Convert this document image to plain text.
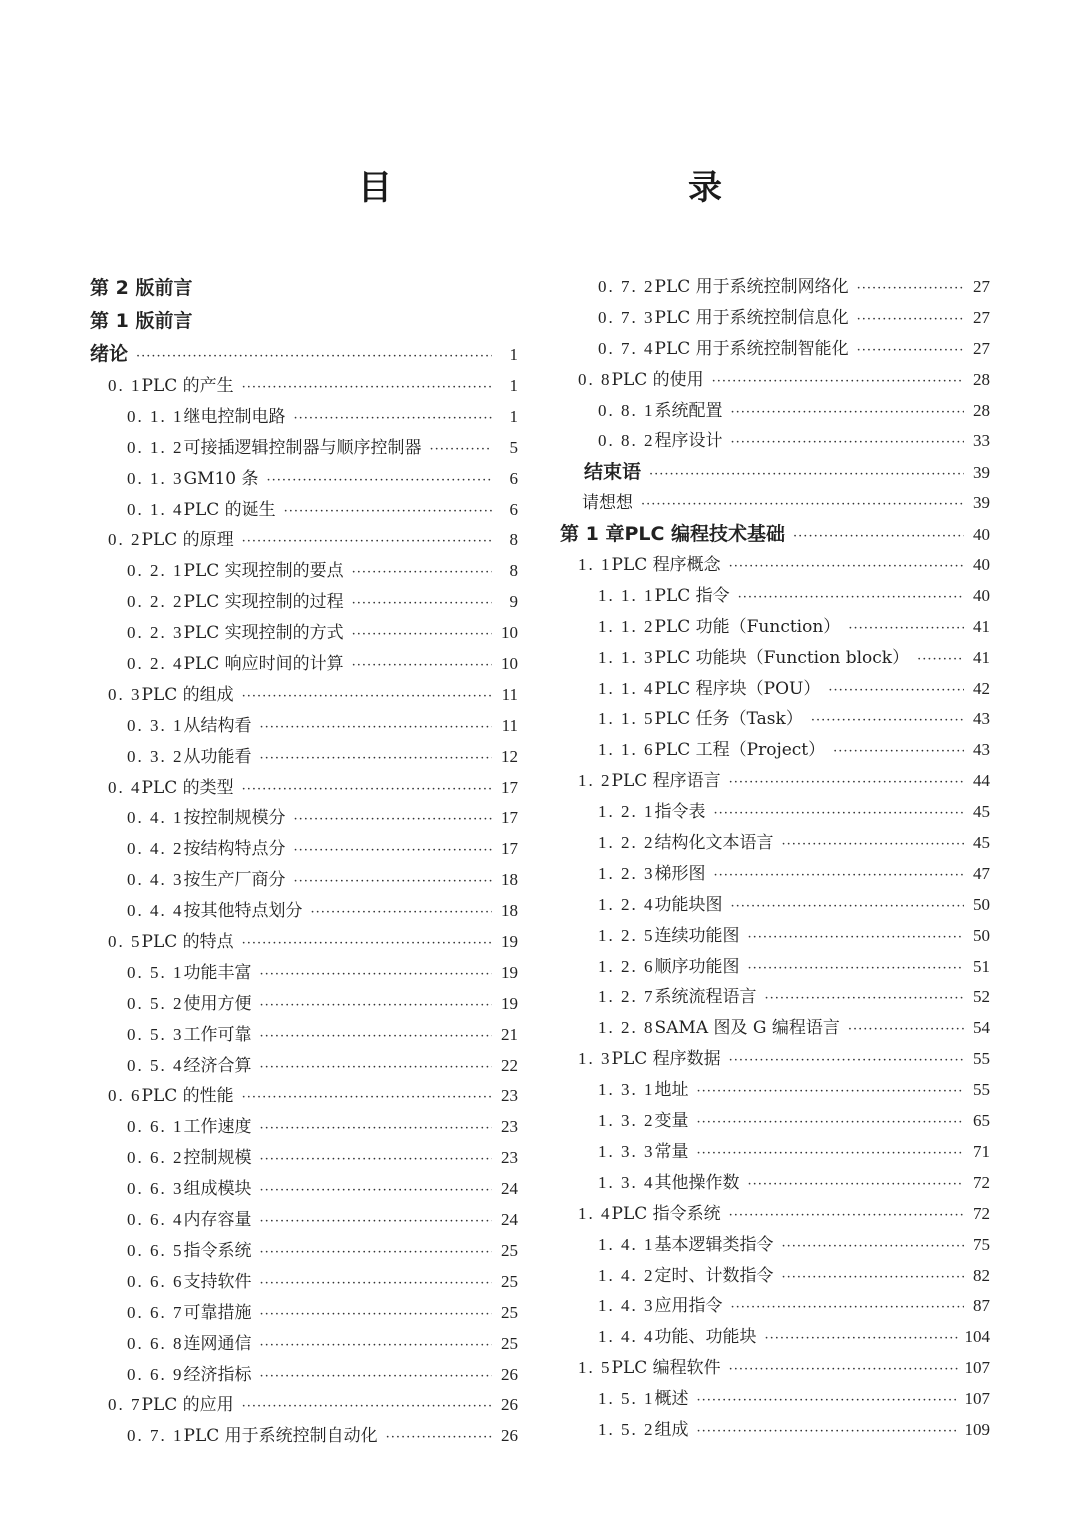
目　　录
第 2 版前言
第 1 版前言
绪论 ·····	1
0. 1 PLC 的产生 ·····	1
0. 1. 1 继电控制电路 ·····	1
0. 1. 2 可接插逻辑控制器与顺序控制器 ·····	5
0. 1. 3 GM10 条 ·····	6
0. 1. 4 PLC 的诞生 ·····	6
0. 2 PLC 的原理 ·····	8
0. 2. 1 PLC 实现控制的要点 ·····	8
0. 2. 2 PLC 实现控制的过程 ·····	9
0. 2. 3 PLC 实现控制的方式 ·····	10
0. 2. 4 PLC 响应时间的计算 ·····	10
0. 3 PLC 的组成 ·····	11
0. 3. 1 从结构看 ·····	11
0. 3. 2 从功能看 ·····	12
0. 4 PLC 的类型 ·····	17
0. 4. 1 按控制规模分 ·····	17
0. 4. 2 按结构特点分 ·····	17
0. 4. 3 按生产厂商分 ·····	18
0. 4. 4 按其他特点划分 ·····	18
0. 5 PLC 的特点 ·····	19
0. 5. 1 功能丰富 ·····	19
0. 5. 2 使用方便 ·····	19
0. 5. 3 工作可靠 ·····	21
0. 5. 4 经济合算 ·····	22
0. 6 PLC 的性能 ·····	23
0. 6. 1 工作速度 ·····	23
0. 6. 2 控制规模 ·····	23
0. 6. 3 组成模块 ·····	24
0. 6. 4 内存容量 ·····	24
0. 6. 5 指令系统 ·····	25
0. 6. 6 支持软件 ·····	25
0. 6. 7 可靠措施 ·····	25
0. 6. 8 连网通信 ·····	25
0. 6. 9 经济指标 ·····	26
0. 7 PLC 的应用 ·····	26
0. 7. 1 PLC 用于系统控制自动化 ·····	26
0. 7. 2 PLC 用于系统控制网络化 ·····	27
0. 7. 3 PLC 用于系统控制信息化 ·····	27
0. 7. 4 PLC 用于系统控制智能化 ·····	27
0. 8 PLC 的使用 ·····	28
0. 8. 1 系统配置 ·····	28
0. 8. 2 程序设计 ·····	33
结束语 ·····	39
请想想 ·····	39
第 1 章 PLC 编程技术基础 ·····	40
1. 1 PLC 程序概念 ·····	40
1. 1. 1 PLC 指令 ·····	40
1. 1. 2 PLC 功能（Function） ·····	41
1. 1. 3 PLC 功能块（Function block） ·····	41
1. 1. 4 PLC 程序块（POU） ·····	42
1. 1. 5 PLC 任务（Task） ·····	43
1. 1. 6 PLC 工程（Project） ·····	43
1. 2 PLC 程序语言 ·····	44
1. 2. 1 指令表 ·····	45
1. 2. 2 结构化文本语言 ·····	45
1. 2. 3 梯形图 ·····	47
1. 2. 4 功能块图 ·····	50
1. 2. 5 连续功能图 ·····	50
1. 2. 6 顺序功能图 ·····	51
1. 2. 7 系统流程语言 ·····	52
1. 2. 8 SAMA 图及 G 编程语言 ·····	54
1. 3 PLC 程序数据 ·····	55
1. 3. 1 地址 ·····	55
1. 3. 2 变量 ·····	65
1. 3. 3 常量 ·····	71
1. 3. 4 其他操作数 ·····	72
1. 4 PLC 指令系统 ·····	72
1. 4. 1 基本逻辑类指令 ·····	75
1. 4. 2 定时、计数指令 ·····	82
1. 4. 3 应用指令 ·····	87
1. 4. 4 功能、功能块 ·····	104
1. 5 PLC 编程软件 ·····	107
1. 5. 1 概述 ·····	107
1. 5. 2 组成 ·····	109
